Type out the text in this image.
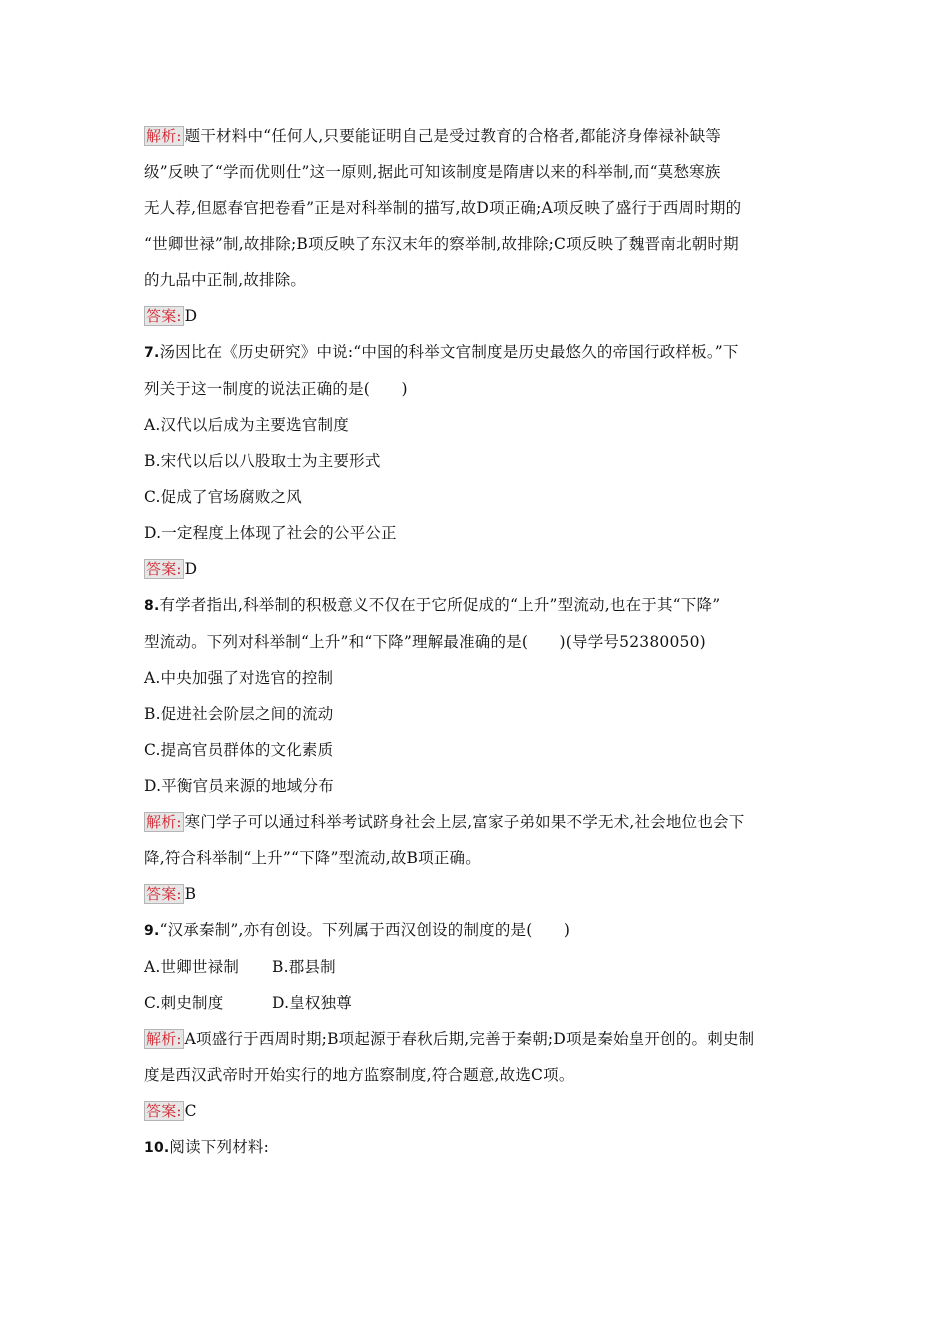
解析: 题干材料中“任何人,只要能证明自己是受过教育的合格者,都能济身俸禄补缺等

级”反映了“学而优则仕”这一原则,据此可知该制度是隋唐以来的科举制,而“莫愁寒族

无人荐,但愿春官把卷看”正是对科举制的描写,故D项正确;A项反映了盛行于西周时期的

“世卿世禄”制,故排除;B项反映了东汉末年的察举制,故排除;C项反映了魏晋南北朝时期

的九品中正制,故排除。

答案: D

7.汤因比在《历史研究》中说:“中国的科举文官制度是历史最悠久的帝国行政样板。”下

列关于这一制度的说法正确的是(　　)

A.汉代以后成为主要选官制度

B.宋代以后以八股取士为主要形式

C.促成了官场腐败之风

D.一定程度上体现了社会的公平公正

答案: D

8.有学者指出,科举制的积极意义不仅在于它所促成的“上升”型流动,也在于其“下降”

型流动。下列对科举制“上升”和“下降”理解最准确的是(　　)(导学号52380050)

A.中央加强了对选官的控制

B.促进社会阶层之间的流动

C.提高官员群体的文化素质

D.平衡官员来源的地域分布

解析: 寒门学子可以通过科举考试跻身社会上层,富家子弟如果不学无术,社会地位也会下

降,符合科举制“上升”“下降”型流动,故B项正确。

答案: B

9.“汉承秦制”,亦有创设。下列属于西汉创设的制度的是(　　)

A.世卿世禄制 B.郡县制

C.刺史制度	D.皇权独尊

解析: A项盛行于西周时期;B项起源于春秋后期,完善于秦朝;D项是秦始皇开创的。刺史制

度是西汉武帝时开始实行的地方监察制度,符合题意,故选C项。

答案: C

10.阅读下列材料:
